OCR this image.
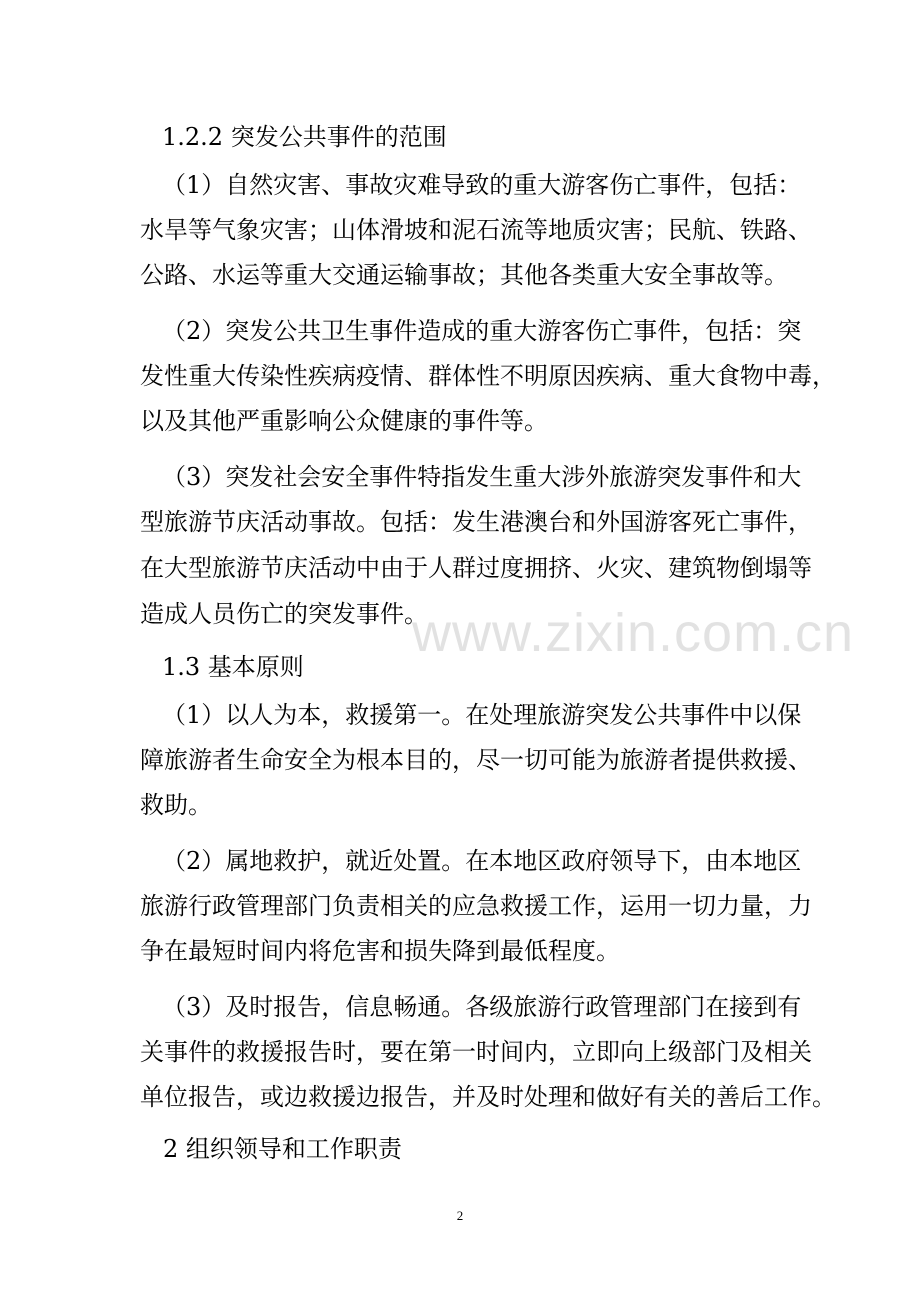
1.2.2 突发公共事件的范围
（1）自然灾害、事故灾难导致的重大游客伤亡事件，包括：
水旱等气象灾害；山体滑坡和泥石流等地质灾害；民航、铁路、
公路、水运等重大交通运输事故；其他各类重大安全事故等。
（2）突发公共卫生事件造成的重大游客伤亡事件，包括：突
发性重大传染性疾病疫情、群体性不明原因疾病、重大食物中毒，
以及其他严重影响公众健康的事件等。
（3）突发社会安全事件特指发生重大涉外旅游突发事件和大
型旅游节庆活动事故。包括：发生港澳台和外国游客死亡事件，
在大型旅游节庆活动中由于人群过度拥挤、火灾、建筑物倒塌等
造成人员伤亡的突发事件。
1.3 基本原则
（1）以人为本，救援第一。在处理旅游突发公共事件中以保
障旅游者生命安全为根本目的，尽一切可能为旅游者提供救援、
救助。
（2）属地救护，就近处置。在本地区政府领导下，由本地区
旅游行政管理部门负责相关的应急救援工作，运用一切力量，力
争在最短时间内将危害和损失降到最低程度。
（3）及时报告，信息畅通。各级旅游行政管理部门在接到有
关事件的救援报告时，要在第一时间内，立即向上级部门及相关
单位报告，或边救援边报告，并及时处理和做好有关的善后工作。
2 组织领导和工作职责
www.zixin.com.cn
2
